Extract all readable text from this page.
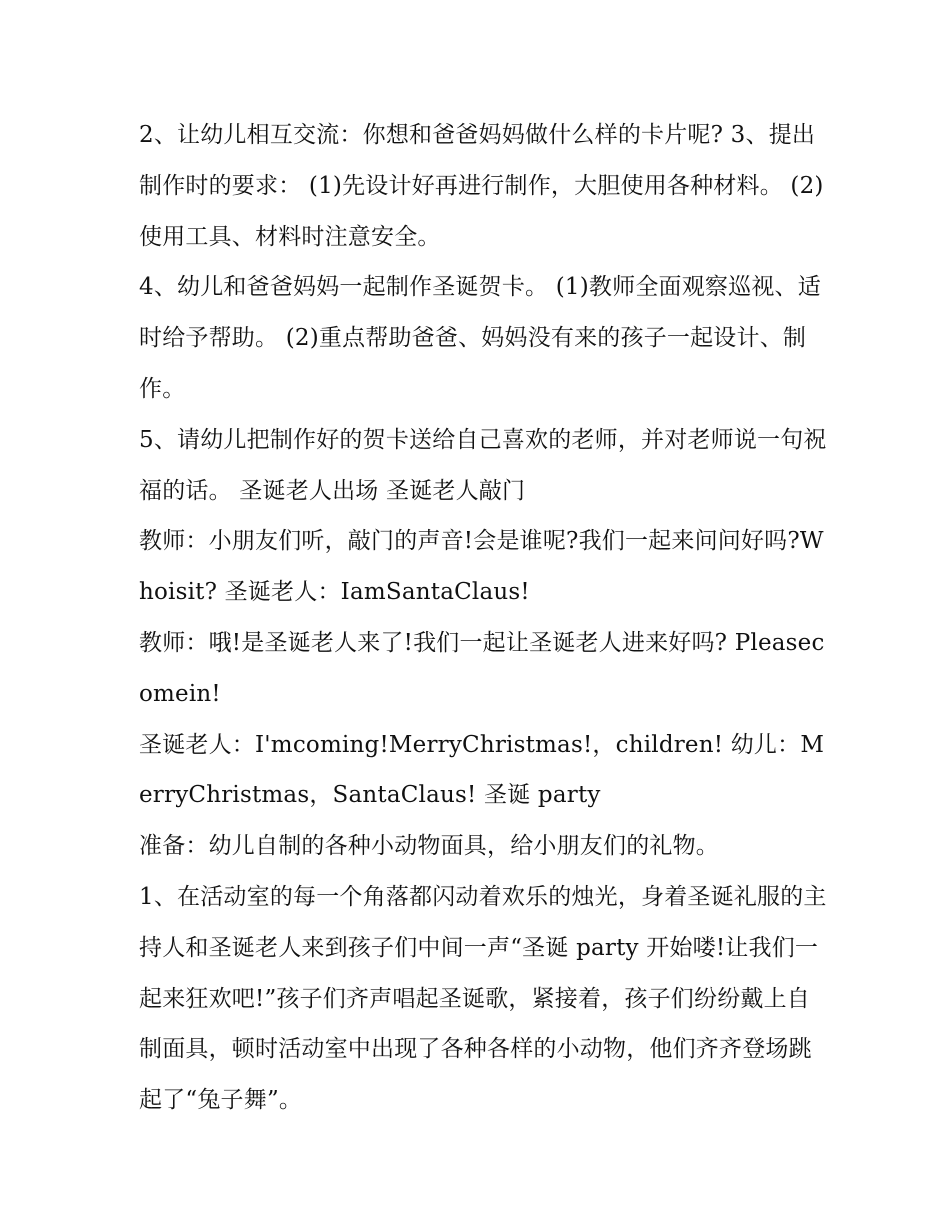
2、让幼儿相互交流：你想和爸爸妈妈做什么样的卡片呢? 3、提出制作时的要求： (1)先设计好再进行制作，大胆使用各种材料。 (2)使用工具、材料时注意安全。

4、幼儿和爸爸妈妈一起制作圣诞贺卡。 (1)教师全面观察巡视、适时给予帮助。 (2)重点帮助爸爸、妈妈没有来的孩子一起设计、制作。

5、请幼儿把制作好的贺卡送给自己喜欢的老师，并对老师说一句祝福的话。 圣诞老人出场 圣诞老人敲门

教师：小朋友们听，敲门的声音!会是谁呢?我们一起来问问好吗?Whoisit? 圣诞老人：IamSantaClaus!

教师：哦!是圣诞老人来了!我们一起让圣诞老人进来好吗? Pleasecomein!

圣诞老人：I'mcoming!MerryChristmas!，children! 幼儿：MerryChristmas，SantaClaus! 圣诞 party

准备：幼儿自制的各种小动物面具，给小朋友们的礼物。

1、在活动室的每一个角落都闪动着欢乐的烛光，身着圣诞礼服的主持人和圣诞老人来到孩子们中间一声“圣诞 party 开始喽!让我们一起来狂欢吧!”孩子们齐声唱起圣诞歌，紧接着，孩子们纷纷戴上自制面具，顿时活动室中出现了各种各样的小动物，他们齐齐登场跳起了“兔子舞”。
